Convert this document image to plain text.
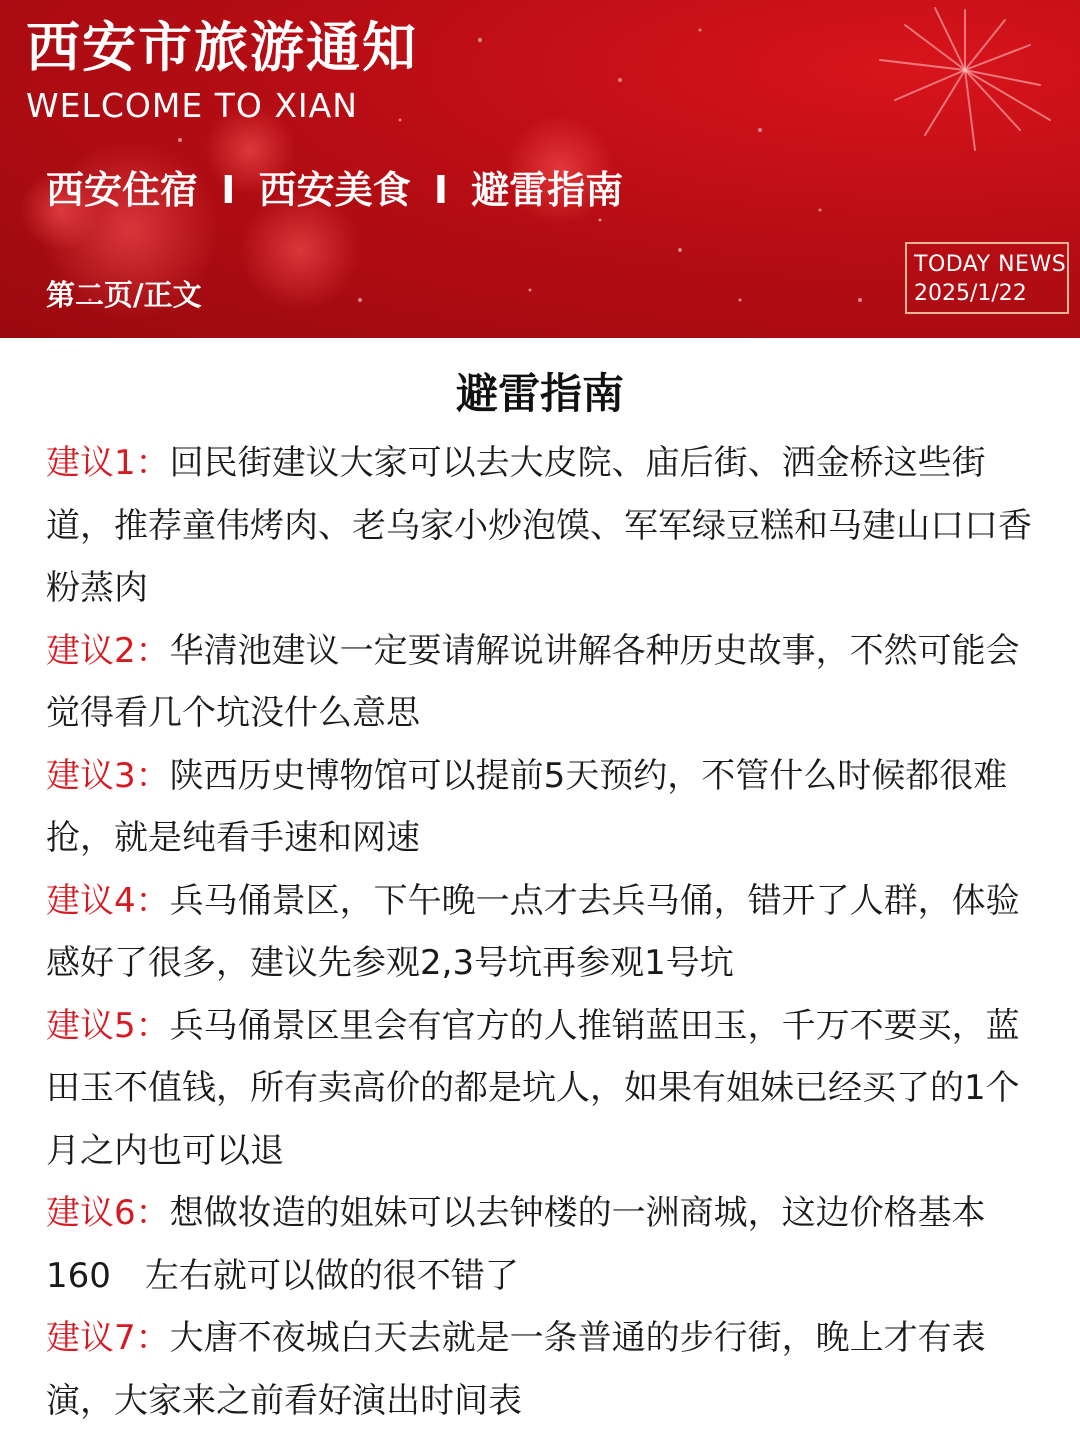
西安市旅游通知
WELCOME TO XIAN
西安住宿 I 西安美食 I 避雷指南
第二页/正文
TODAY NEWS
2025/1/22
避雷指南

建议1：回民街建议大家可以去大皮院、庙后街、洒金桥这些街道，推荐童伟烤肉、老乌家小炒泡馍、军军绿豆糕和马建山口口香粉蒸肉

建议2：华清池建议一定要请解说讲解各种历史故事，不然可能会觉得看几个坑没什么意思

建议3：陕西历史博物馆可以提前5天预约，不管什么时候都很难抢，就是纯看手速和网速

建议4：兵马俑景区，下午晚一点才去兵马俑，错开了人群，体验感好了很多，建议先参观2,3号坑再参观1号坑

建议5：兵马俑景区里会有官方的人推销蓝田玉，千万不要买，蓝田玉不值钱，所有卖高价的都是坑人，如果有姐妹已经买了的1个月之内也可以退

建议6：想做妆造的姐妹可以去钟楼的一洲商城，这边价格基本160　左右就可以做的很不错了

建议7：大唐不夜城白天去就是一条普通的步行街，晚上才有表演，大家来之前看好演出时间表
